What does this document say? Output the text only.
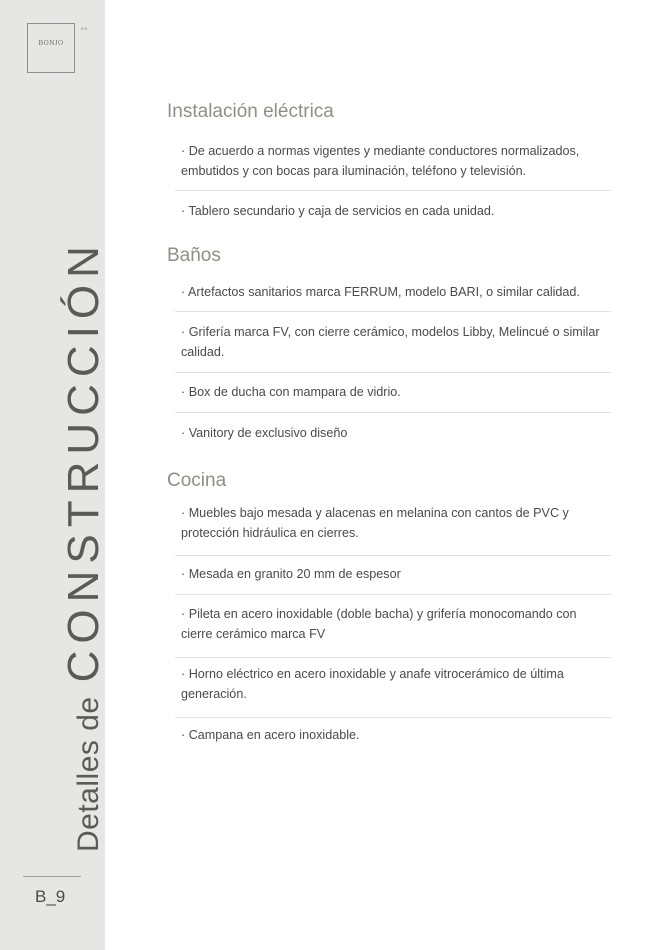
BONJO
S.A.
Detalles deCONSTRUCCIÓN
B_9
Instalación eléctrica
· De acuerdo a normas vigentes y mediante conductores normalizados, embutidos y con bocas para iluminación, teléfono y televisión.
· Tablero secundario y caja de servicios en cada unidad.
Baños
· Artefactos sanitarios marca FERRUM, modelo BARI, o similar calidad.
· Grifería marca FV, con cierre cerámico, modelos Libby, Melincué o similar calidad.
· Box de ducha con mampara de vidrio.
· Vanitory de exclusivo diseño
Cocina
· Muebles bajo mesada y alacenas en melanina con cantos de PVC y protección hidráulica en cierres.
· Mesada en granito 20 mm de espesor
· Pileta en acero inoxidable (doble bacha) y grifería monocomando con cierre cerámico marca FV
· Horno eléctrico en acero inoxidable y anafe vitrocerámico de última generación.
· Campana en acero inoxidable.
